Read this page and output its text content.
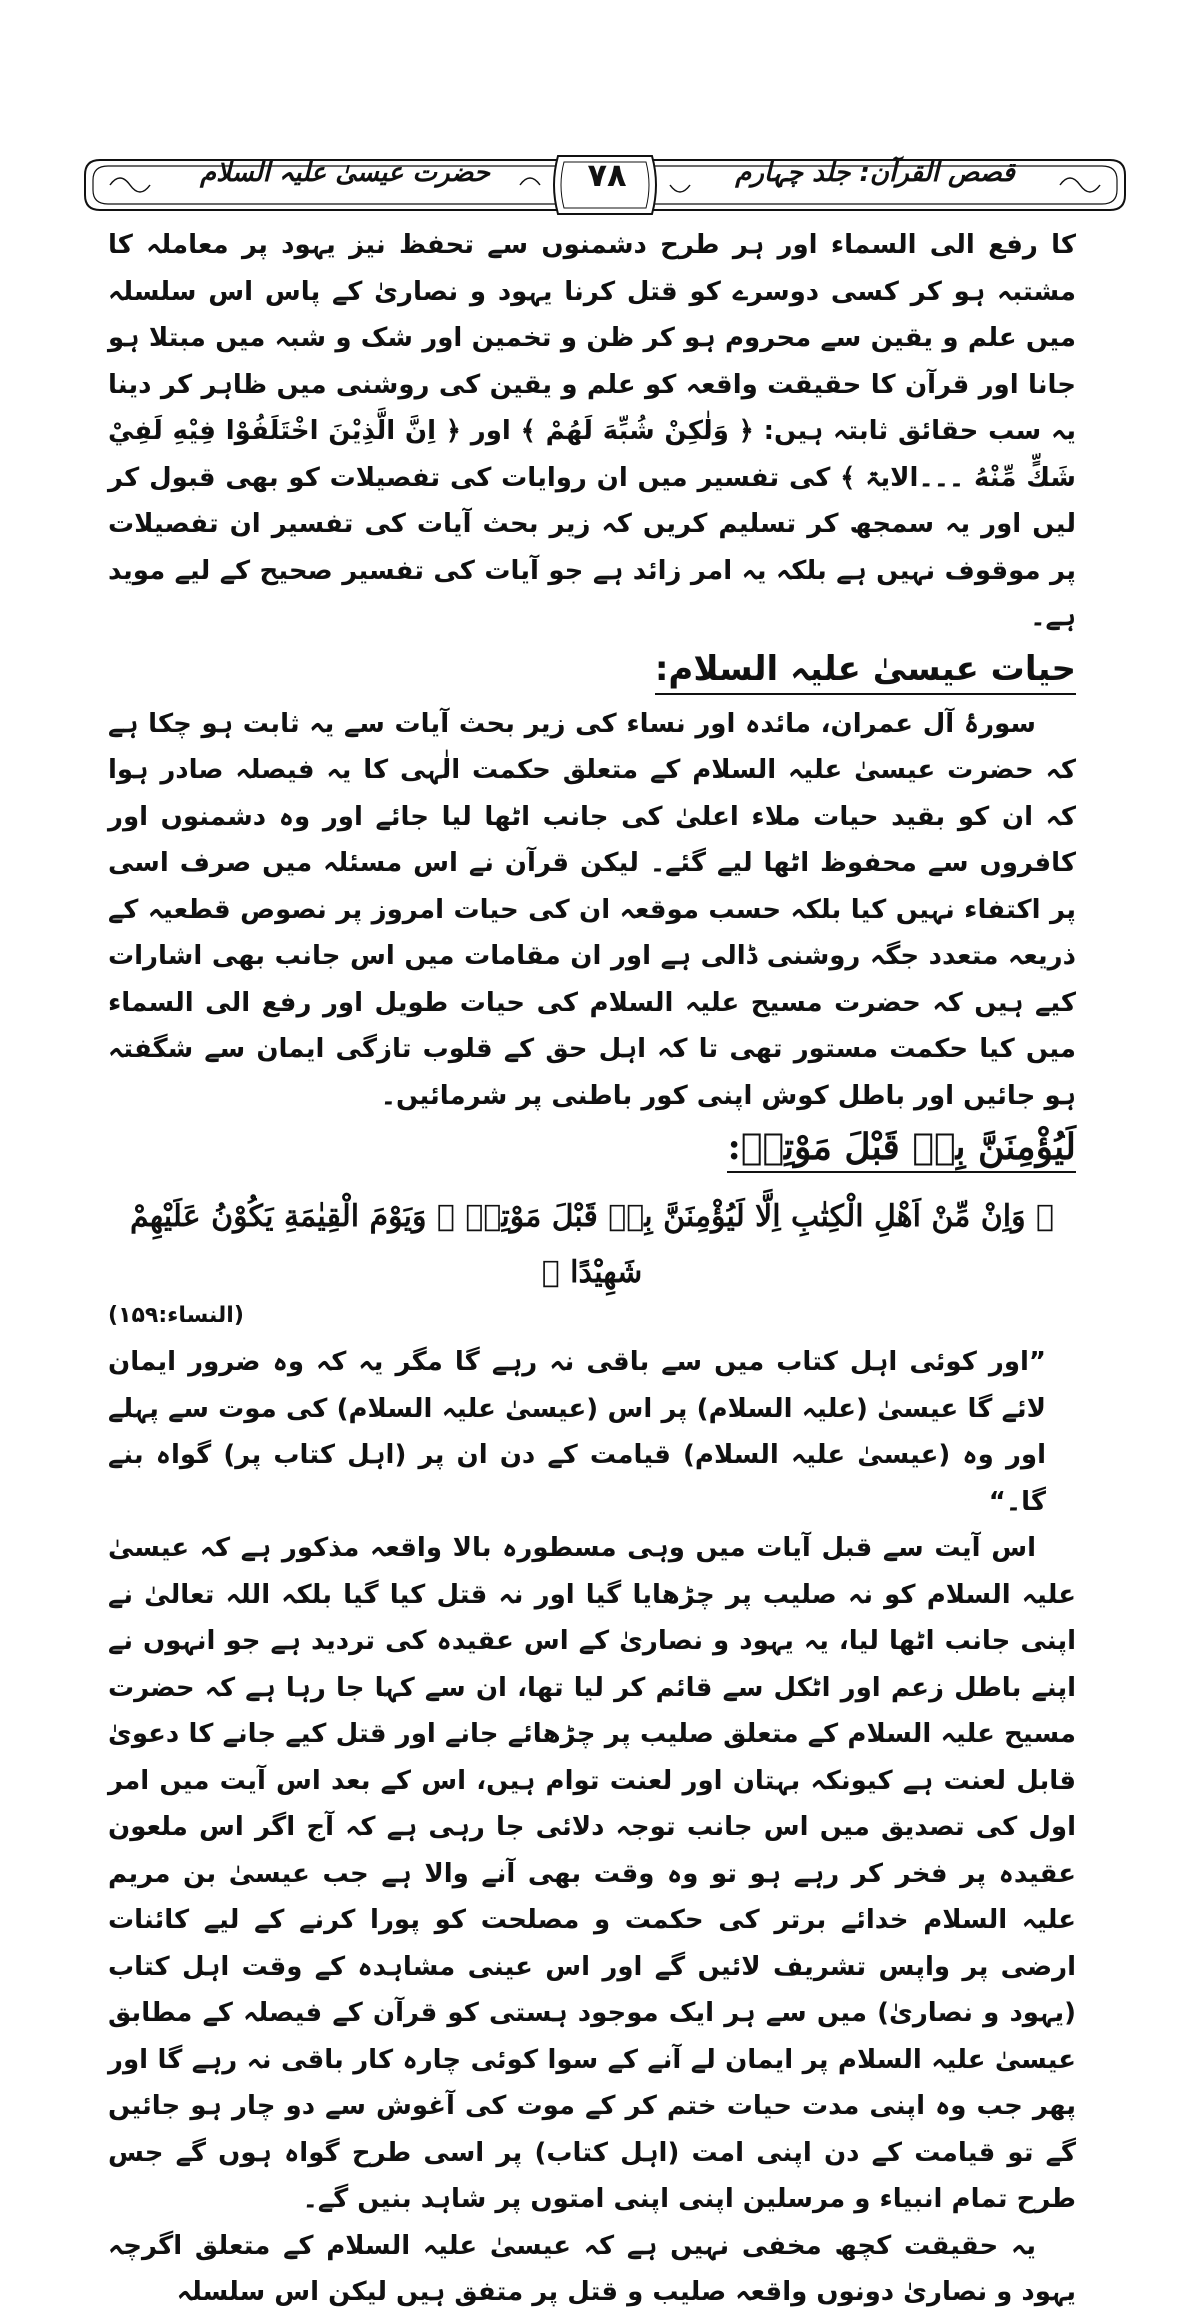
قصص القرآن: جلد چہارم
۷۸
حضرت عیسیٰ علیہ السلام

کا رفع الی السماء اور ہر طرح دشمنوں سے تحفظ نیز یہود پر معاملہ کا مشتبہ ہو کر کسی دوسرے کو قتل کرنا یہود و نصاریٰ کے پاس اس سلسلہ میں علم و یقین سے محروم ہو کر ظن و تخمین اور شک و شبہ میں مبتلا ہو جانا اور قرآن کا حقیقت واقعہ کو علم و یقین کی روشنی میں ظاہر کر دینا یہ سب حقائق ثابتہ ہیں: ﴿ وَلٰكِنْ شُبِّهَ لَهُمْ ﴾ اور ﴿ اِنَّ الَّذِيْنَ اخْتَلَفُوْا فِيْهِ لَفِيْ شَكٍّ مِّنْهُ ۔۔۔الایۃ ﴾ کی تفسیر میں ان روایات کی تفصیلات کو بھی قبول کر لیں اور یہ سمجھ کر تسلیم کریں کہ زیر بحث آیات کی تفسیر ان تفصیلات پر موقوف نہیں ہے بلکہ یہ امر زائد ہے جو آیات کی تفسیر صحیح کے لیے موید ہے۔

حیات عیسیٰ علیہ السلام:

سورۂ آل عمران، مائدہ اور نساء کی زیر بحث آیات سے یہ ثابت ہو چکا ہے کہ حضرت عیسیٰ علیہ السلام کے متعلق حکمت الٰہی کا یہ فیصلہ صادر ہوا کہ ان کو بقید حیات ملاء اعلیٰ کی جانب اٹھا لیا جائے اور وہ دشمنوں اور کافروں سے محفوظ اٹھا لیے گئے۔ لیکن قرآن نے اس مسئلہ میں صرف اسی پر اکتفاء نہیں کیا بلکہ حسب موقعہ ان کی حیات امروز پر نصوص قطعیہ کے ذریعہ متعدد جگہ روشنی ڈالی ہے اور ان مقامات میں اس جانب بھی اشارات کیے ہیں کہ حضرت مسیح علیہ السلام کی حیات طویل اور رفع الی السماء میں کیا حکمت مستور تھی تا کہ اہل حق کے قلوب تازگی ایمان سے شگفتہ ہو جائیں اور باطل کوش اپنی کور باطنی پر شرمائیں۔

لَيُؤْمِنَنَّ بِهٖ قَبْلَ مَوْتِهٖ:

﴿ وَاِنْ مِّنْ اَهْلِ الْكِتٰبِ اِلَّا لَيُؤْمِنَنَّ بِهٖ قَبْلَ مَوْتِهٖ ۚ وَيَوْمَ الْقِيٰمَةِ يَكُوْنُ عَلَيْهِمْ شَهِيْدًا ﴾

(النساء:۱۵۹)

”اور کوئی اہل کتاب میں سے باقی نہ رہے گا مگر یہ کہ وہ ضرور ایمان لائے گا عیسیٰ (علیہ السلام) پر اس (عیسیٰ علیہ السلام) کی موت سے پہلے اور وہ (عیسیٰ علیہ السلام) قیامت کے دن ان پر (اہل کتاب پر) گواہ بنے گا۔“

اس آیت سے قبل آیات میں وہی مسطورہ بالا واقعہ مذکور ہے کہ عیسیٰ علیہ السلام کو نہ صلیب پر چڑھایا گیا اور نہ قتل کیا گیا بلکہ اللہ تعالیٰ نے اپنی جانب اٹھا لیا، یہ یہود و نصاریٰ کے اس عقیدہ کی تردید ہے جو انہوں نے اپنے باطل زعم اور اٹکل سے قائم کر لیا تھا، ان سے کہا جا رہا ہے کہ حضرت مسیح علیہ السلام کے متعلق صلیب پر چڑھائے جانے اور قتل کیے جانے کا دعویٰ قابل لعنت ہے کیونکہ بہتان اور لعنت توام ہیں، اس کے بعد اس آیت میں امر اول کی تصدیق میں اس جانب توجہ دلائی جا رہی ہے کہ آج اگر اس ملعون عقیدہ پر فخر کر رہے ہو تو وہ وقت بھی آنے والا ہے جب عیسیٰ بن مریم علیہ السلام خدائے برتر کی حکمت و مصلحت کو پورا کرنے کے لیے کائنات ارضی پر واپس تشریف لائیں گے اور اس عینی مشاہدہ کے وقت اہل کتاب (یہود و نصاریٰ) میں سے ہر ایک موجود ہستی کو قرآن کے فیصلہ کے مطابق عیسیٰ علیہ السلام پر ایمان لے آنے کے سوا کوئی چارہ کار باقی نہ رہے گا اور پھر جب وہ اپنی مدت حیات ختم کر کے موت کی آغوش سے دو چار ہو جائیں گے تو قیامت کے دن اپنی امت (اہل کتاب) پر اسی طرح گواہ ہوں گے جس طرح تمام انبیاء و مرسلین اپنی اپنی امتوں پر شاہد بنیں گے۔

یہ حقیقت کچھ مخفی نہیں ہے کہ عیسیٰ علیہ السلام کے متعلق اگرچہ یہود و نصاریٰ دونوں واقعہ صلیب و قتل پر متفق ہیں لیکن اس سلسلہ
